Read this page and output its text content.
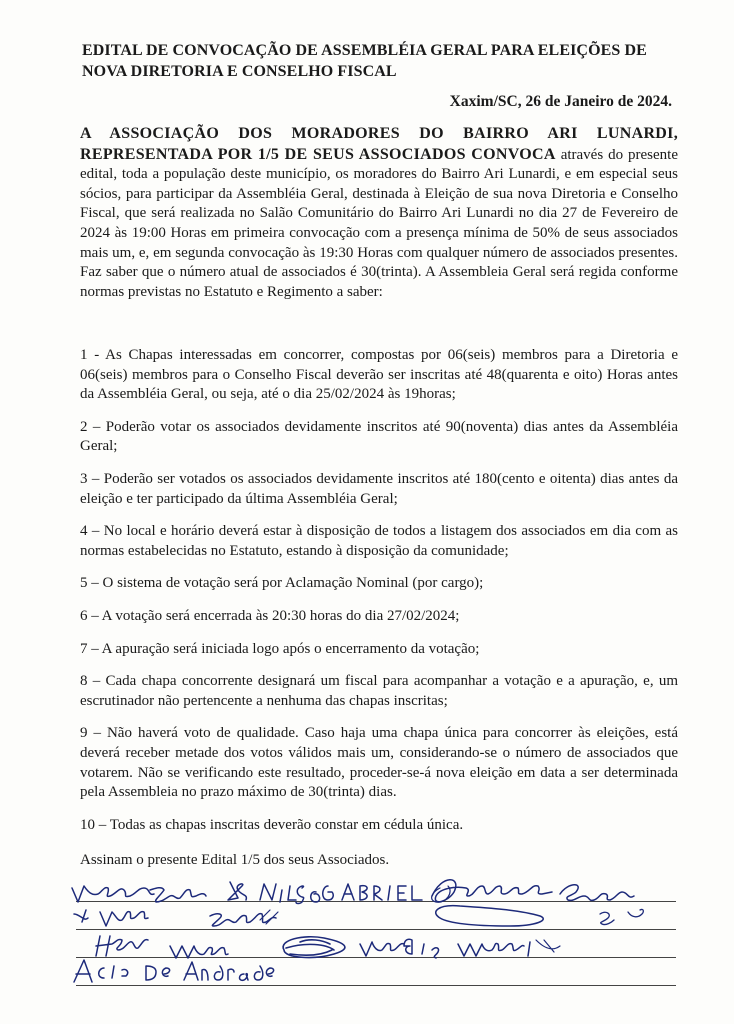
EDITAL DE CONVOCAÇÃO DE ASSEMBLÉIA GERAL PARA ELEIÇÕES DE NOVA DIRETORIA E CONSELHO FISCAL
Xaxim/SC, 26 de Janeiro de 2024.
A ASSOCIAÇÃO DOS MORADORES DO BAIRRO ARI LUNARDI, REPRESENTADA POR 1/5 DE SEUS ASSOCIADOS CONVOCA através do presente edital, toda a população deste município, os moradores do Bairro Ari Lunardi, e em especial seus sócios, para participar da Assembléia Geral, destinada à Eleição de sua nova Diretoria e Conselho Fiscal, que será realizada no Salão Comunitário do Bairro Ari Lunardi no dia 27 de Fevereiro de 2024 às 19:00 Horas em primeira convocação com a presença mínima de 50% de seus associados mais um, e, em segunda convocação às 19:30 Horas com qualquer número de associados presentes. Faz saber que o número atual de associados é 30(trinta). A Assembleia Geral será regida conforme normas previstas no Estatuto e Regimento a saber:

1 - As Chapas interessadas em concorrer, compostas por 06(seis) membros para a Diretoria e 06(seis) membros para o Conselho Fiscal deverão ser inscritas até 48(quarenta e oito) Horas antes da Assembléia Geral, ou seja, até o dia 25/02/2024 às 19horas;

2 – Poderão votar os associados devidamente inscritos até 90(noventa) dias antes da Assembléia Geral;

3 – Poderão ser votados os associados devidamente inscritos até 180(cento e oitenta) dias antes da eleição e ter participado da última Assembléia Geral;

4 – No local e horário deverá estar à disposição de todos a listagem dos associados em dia com as normas estabelecidas no Estatuto, estando à disposição da comunidade;

5 – O sistema de votação será por Aclamação Nominal (por cargo);

6 – A votação será encerrada às 20:30 horas do dia 27/02/2024;

7 – A apuração será iniciada logo após o encerramento da votação;

8 – Cada chapa concorrente designará um fiscal para acompanhar a votação e a apuração, e, um escrutinador não pertencente a nenhuma das chapas inscritas;

9 – Não haverá voto de qualidade. Caso haja uma chapa única para concorrer às eleições, está deverá receber metade dos votos válidos mais um, considerando-se o número de associados que votarem. Não se verificando este resultado, proceder-se-á nova eleição em data a ser determinada pela Assembleia no prazo máximo de 30(trinta) dias.

10 – Todas as chapas inscritas deverão constar em cédula única.

Assinam o presente Edital 1/5 dos seus Associados.
